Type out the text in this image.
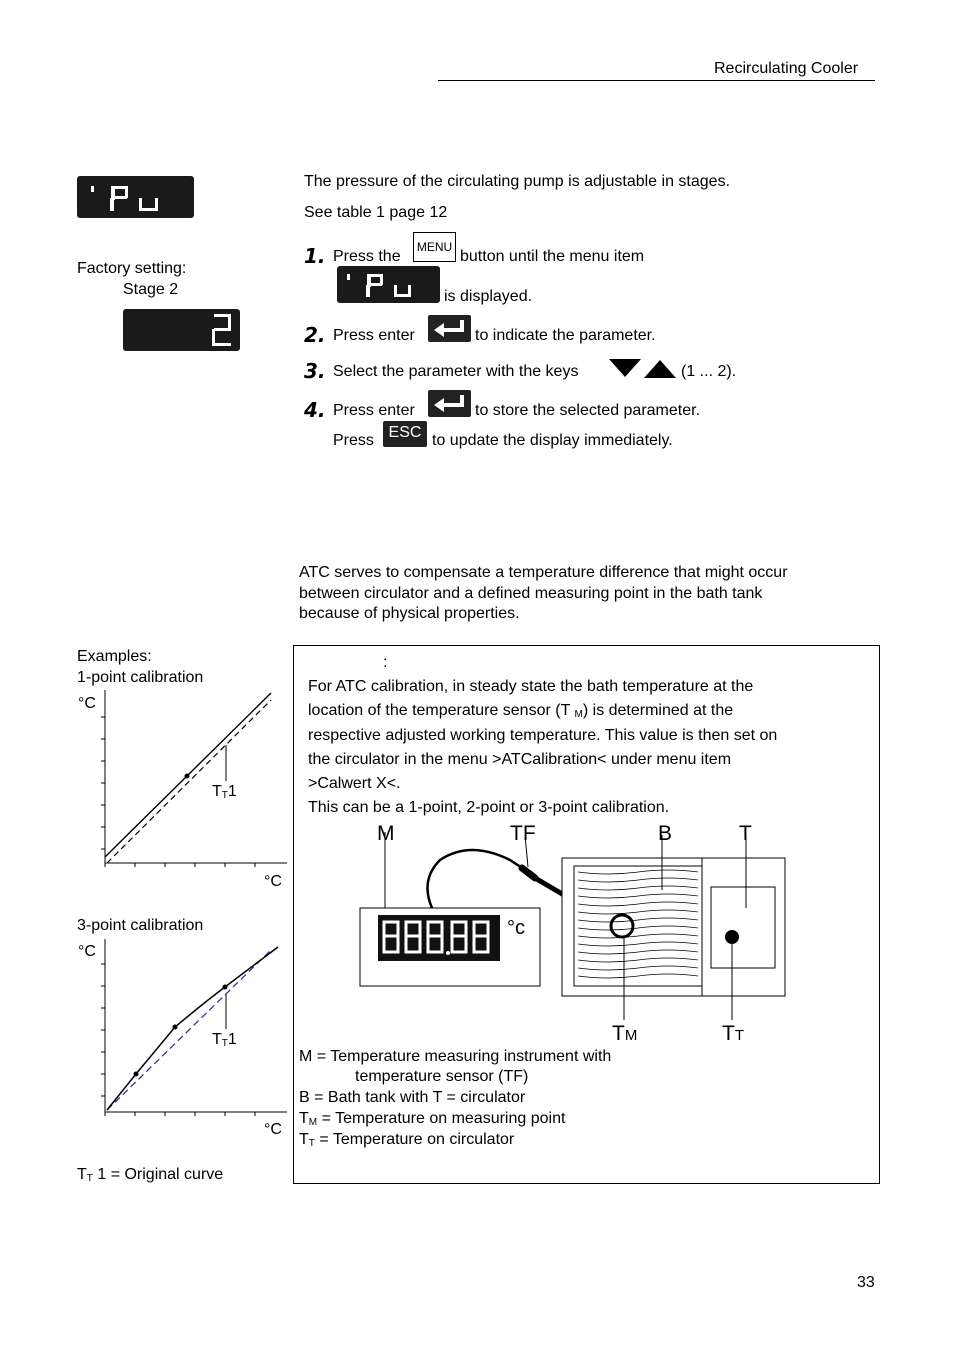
Recirculating Cooler
Factory setting:
Stage 2
The pressure of the circulating pump is adjustable in stages.
See table 1 page 12
1. Press the
MENU
button until the menu item
is displayed.
2. Press enter	to indicate the parameter.
3. Select the parameter with the keys	(1 ... 2).
4. Press enter	to store the selected parameter.
Press ESC to update the display immediately.
ATC serves to compensate a temperature difference that might occur
between circulator and a defined measuring point in the bath tank
because of physical properties.
Examples:
1-point calibration
°C
$T_T1$
°C
3-point calibration
°C
$T_T1$
°C
$T_T$ 1 = Original curve
:
For ATC calibration, in steady state the bath temperature at the
location of the temperature sensor (T $_M$) is determined at the
respective adjusted working temperature. This value is then set on
the circulator in the menu >ATCalibration< under menu item
>Calwert X<.
This can be a 1-point, 2-point or 3-point calibration.
M	TF	B	T
°c
TM	TT
M = Temperature measuring instrument with
temperature sensor (TF)
B = Bath tank with T = circulator
$T_M$ = Temperature on measuring point
$T_T$ = Temperature on circulator
33
